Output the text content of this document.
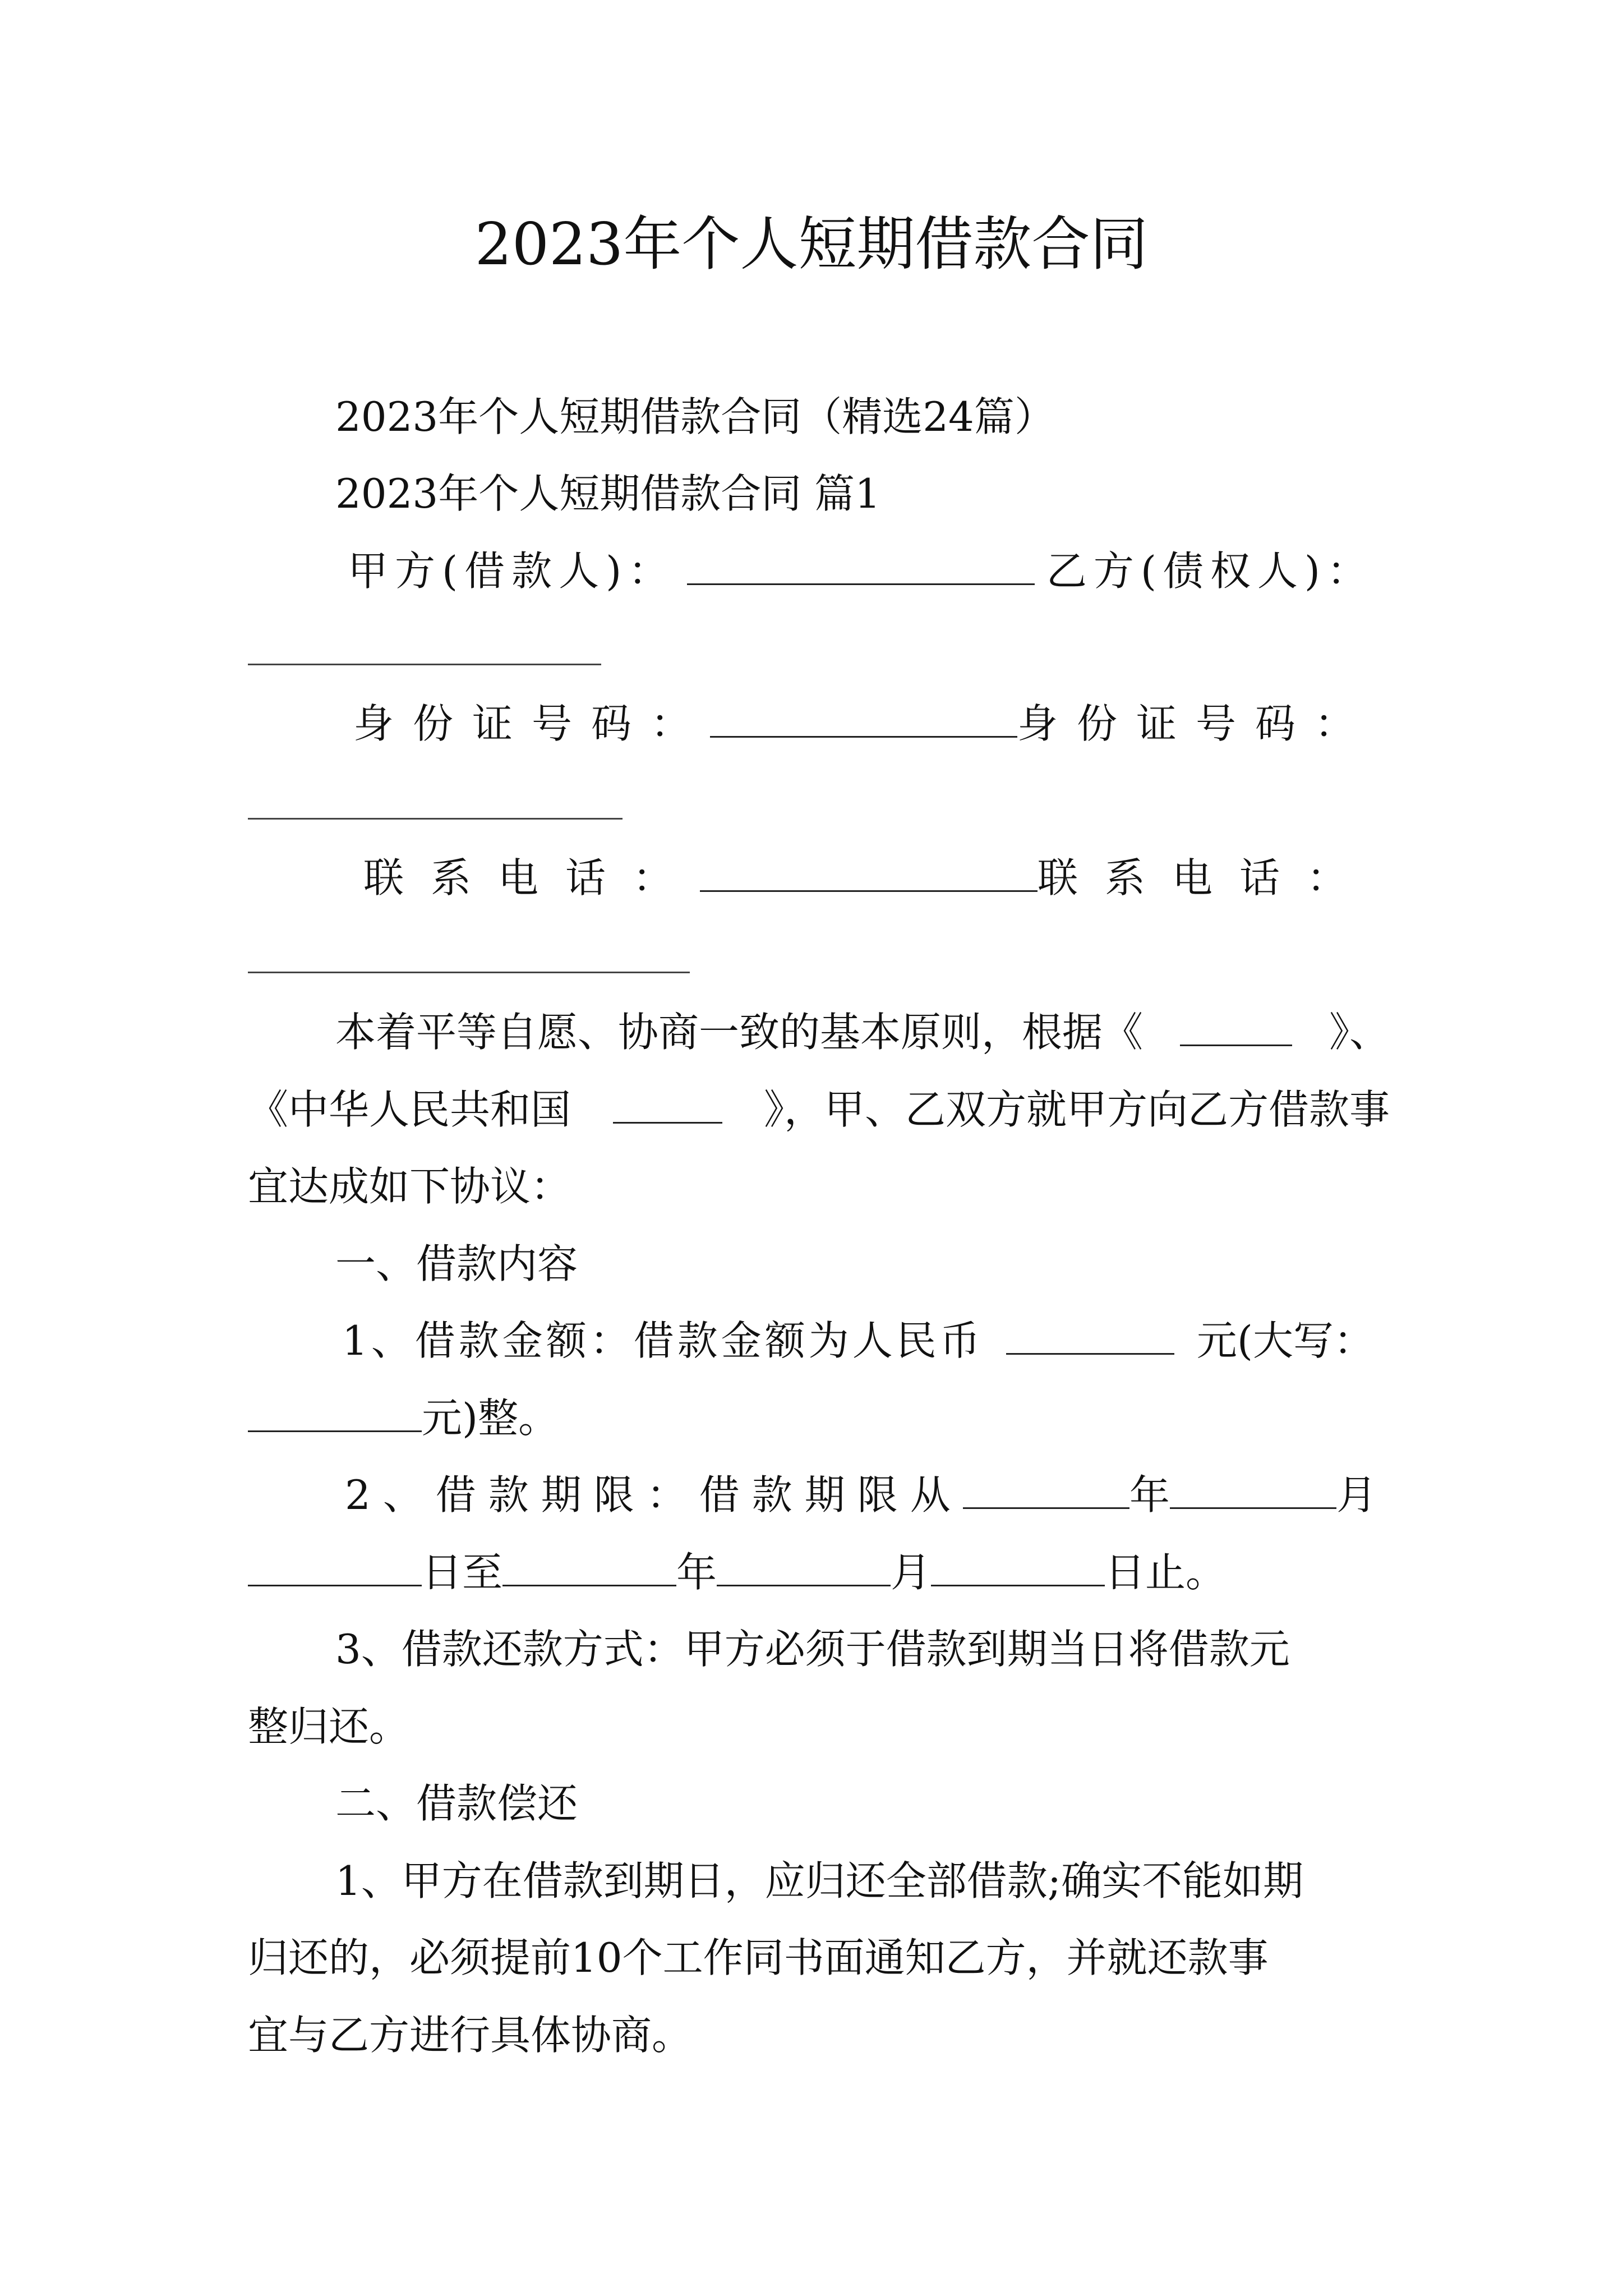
2023年个人短期借款合同

2023年个人短期借款合同（精选24篇）

2023年个人短期借款合同 篇1

甲方(借款人)：	乙方(债权人)：
身份证号码：	身份证号码：
联系电话：	联系电话：
本着平等自愿、协商一致的基本原则，根据《	》、
《中华人民共和国	》，甲、乙双方就甲方向乙方借款事

宜达成如下协议：

一、借款内容

1、借款金额：借款金额为人民币	元(大写：

元)整。

2、借款期限：借款期限从	年	月

日至	年	月	日止。

3、借款还款方式：甲方必须于借款到期当日将借款元

整归还。

二、借款偿还

1、甲方在借款到期日，应归还全部借款;确实不能如期

归还的，必须提前10个工作同书面通知乙方，并就还款事

宜与乙方进行具体协商。
